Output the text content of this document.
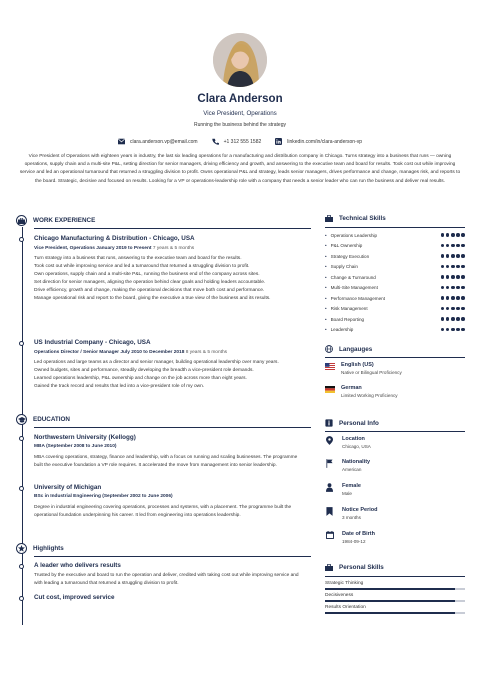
Clara Anderson
Vice President, Operations
Running the business behind the strategy
clara.anderson.vp@email.com	+1 312 555 1582	linkedin.com/in/clara-anderson-vp
Vice President of Operations with eighteen years in industry, the last six leading operations for a manufacturing and distribution company in Chicago. Turns strategy into a business that runs — owning operations, supply chain and a multi-site P&L, setting direction for senior managers, driving efficiency and growth, and answering to the executive team and board for results. Took cost out while improving service and led an operational turnaround that returned a struggling division to profit. Owns operational P&L and strategy, leads senior managers, drives performance and change, manages risk, and reports to the board. Strategic, decisive and focused on results. Looking for a VP or operations-leadership role with a company that needs a senior leader who can run the business and deliver real results.
WORK EXPERIENCE
Chicago Manufacturing & Distribution - Chicago, USA
Vice President, Operations January 2019 to Present 7 years & 5 months
Turn strategy into a business that runs, answering to the executive team and board for the results.
Took cost out while improving service and led a turnaround that returned a struggling division to profit.
Own operations, supply chain and a multi-site P&L, running the business end of the company across sites.
Set direction for senior managers, aligning the operation behind clear goals and holding leaders accountable.
Drive efficiency, growth and change, making the operational decisions that move both cost and performance.
Manage operational risk and report to the board, giving the executive a true view of the business and its results.
US Industrial Company - Chicago, USA
Operations Director / Senior Manager July 2010 to December 2018 8 years & 5 months
Led operations and large teams as a director and senior manager, building operational leadership over many years.
Owned budgets, sites and performance, steadily developing the breadth a vice-president role demands.
Learned operations leadership, P&L ownership and change on the job across more than eight years.
Gained the track record and results that led into a vice-president role of my own.
EDUCATION
Northwestern University (Kellogg)
MBA (September 2008 to June 2010)
MBA covering operations, strategy, finance and leadership, with a focus on running and scaling businesses. The programme built the executive foundation a VP role requires. It accelerated the move from management into senior leadership.
University of Michigan
BSc in Industrial Engineering (September 2002 to June 2006)
Degree in industrial engineering covering operations, processes and systems, with a placement. The programme built the operational foundation underpinning his career. It led from engineering into operations leadership.
Highlights
A leader who delivers results
Trusted by the executive and board to run the operation and deliver, credited with taking cost out while improving service and with leading a turnaround that returned a struggling division to profit.
Cut cost, improved service
Technical Skills
• Operations Leadership
• P&L Ownership
• Strategy Execution
• Supply Chain
• Change & Turnaround
• Multi-Site Management
• Performance Management
• Risk Management
• Board Reporting
• Leadership
Langauges
English (US)
Native or Bilingual Proficiency
German
Limited Working Proficiency
Personal Info
Location
Chicago, USA
Nationality
American
Female
Male
Notice Period
3 months
Date of Birth
1984-09-12
Personal Skills
Strategic Thinking
Decisiveness
Results Orientation
